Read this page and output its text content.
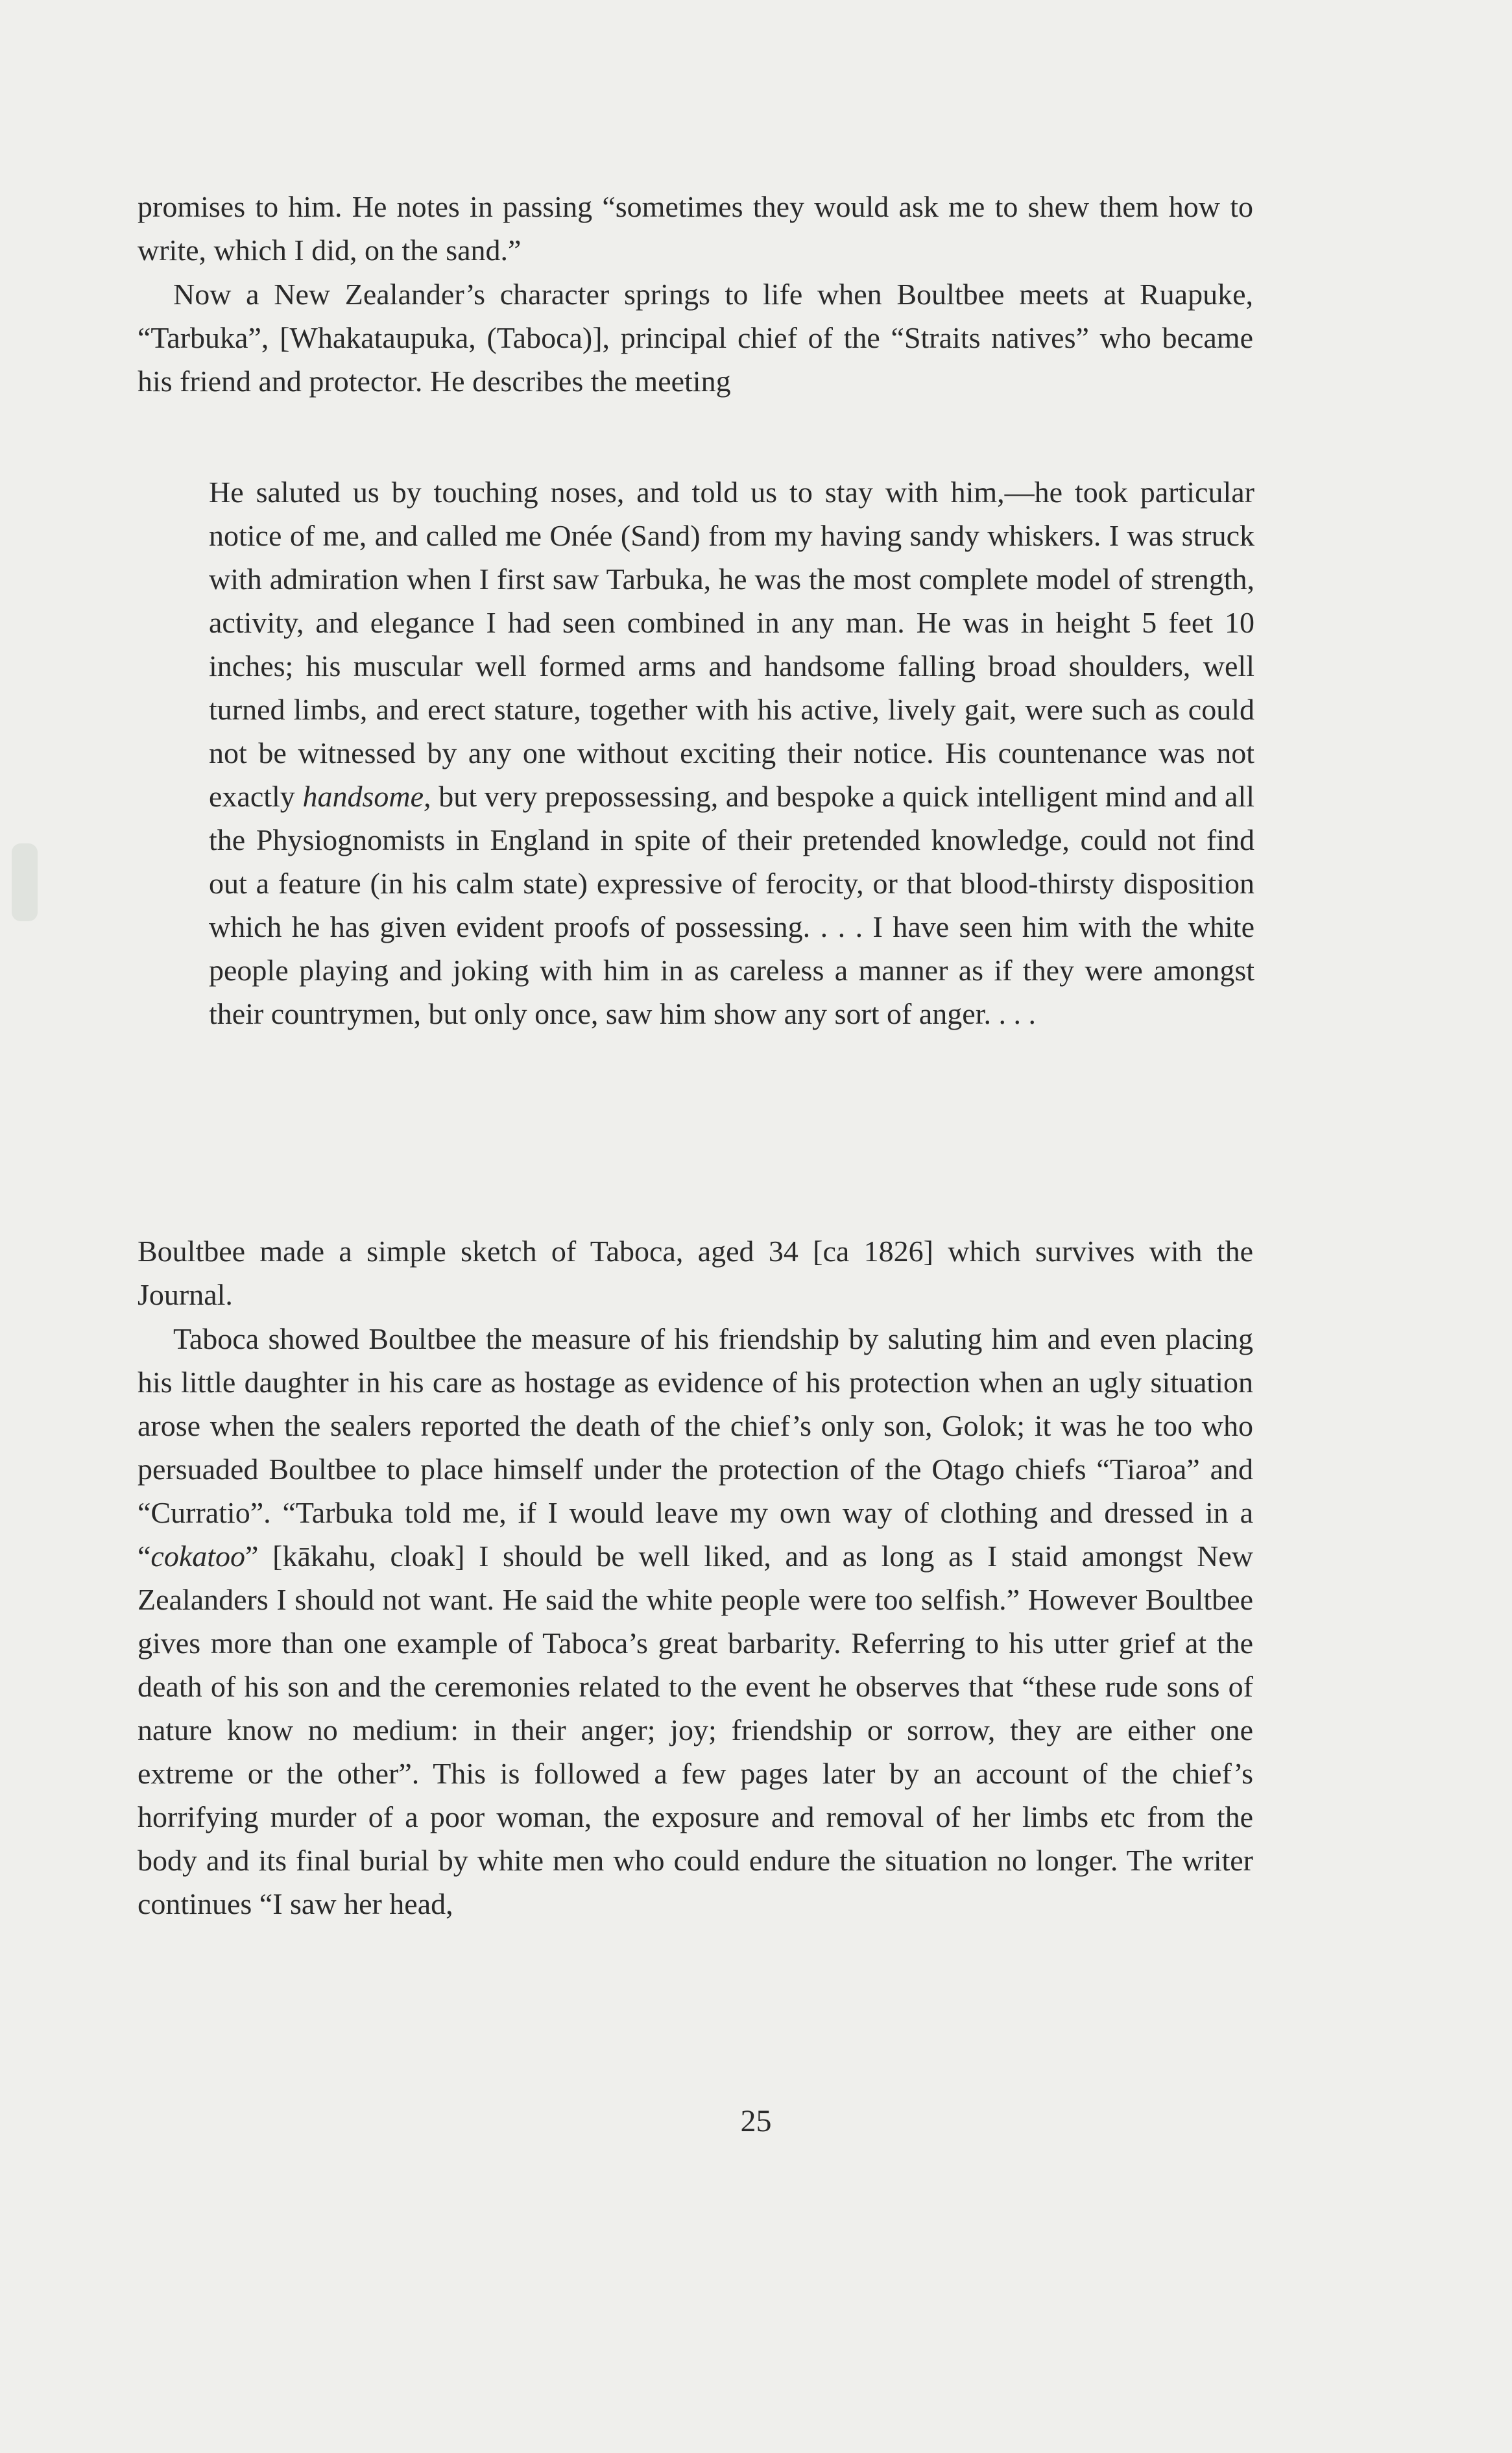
promises to him. He notes in passing “sometimes they would ask me to shew them how to write, which I did, on the sand.”

Now a New Zealander’s character springs to life when Boultbee meets at Ruapuke, “Tarbuka”, [Whakataupuka, (Taboca)], principal chief of the “Straits natives” who became his friend and protector. He describes the meeting

He saluted us by touching noses, and told us to stay with him,—he took particular notice of me, and called me Onée (Sand) from my having sandy whiskers. I was struck with admiration when I first saw Tarbuka, he was the most complete model of strength, activity, and elegance I had seen combined in any man. He was in height 5 feet 10 inches; his muscular well formed arms and handsome falling broad shoulders, well turned limbs, and erect stature, together with his active, lively gait, were such as could not be witnessed by any one without exciting their notice. His countenance was not exactly handsome, but very prepossessing, and bespoke a quick intelligent mind and all the Physiognomists in England in spite of their pretended knowledge, could not find out a feature (in his calm state) expressive of ferocity, or that blood-thirsty disposition which he has given evident proofs of possessing. . . . I have seen him with the white people playing and joking with him in as careless a manner as if they were amongst their countrymen, but only once, saw him show any sort of anger. . . .

Boultbee made a simple sketch of Taboca, aged 34 [ca 1826] which survives with the Journal.

Taboca showed Boultbee the measure of his friendship by saluting him and even placing his little daughter in his care as hostage as evidence of his protection when an ugly situation arose when the sealers reported the death of the chief’s only son, Golok; it was he too who persuaded Boultbee to place himself under the protection of the Otago chiefs “Tiaroa” and “Curratio”. “Tarbuka told me, if I would leave my own way of clothing and dressed in a “cokatoo” [kākahu, cloak] I should be well liked, and as long as I staid amongst New Zealanders I should not want. He said the white people were too selfish.” However Boultbee gives more than one example of Taboca’s great barbarity. Referring to his utter grief at the death of his son and the ceremonies related to the event he observes that “these rude sons of nature know no medium: in their anger; joy; friendship or sorrow, they are either one extreme or the other”. This is followed a few pages later by an account of the chief’s horrifying murder of a poor woman, the exposure and removal of her limbs etc from the body and its final burial by white men who could endure the situation no longer. The writer continues “I saw her head,

25
